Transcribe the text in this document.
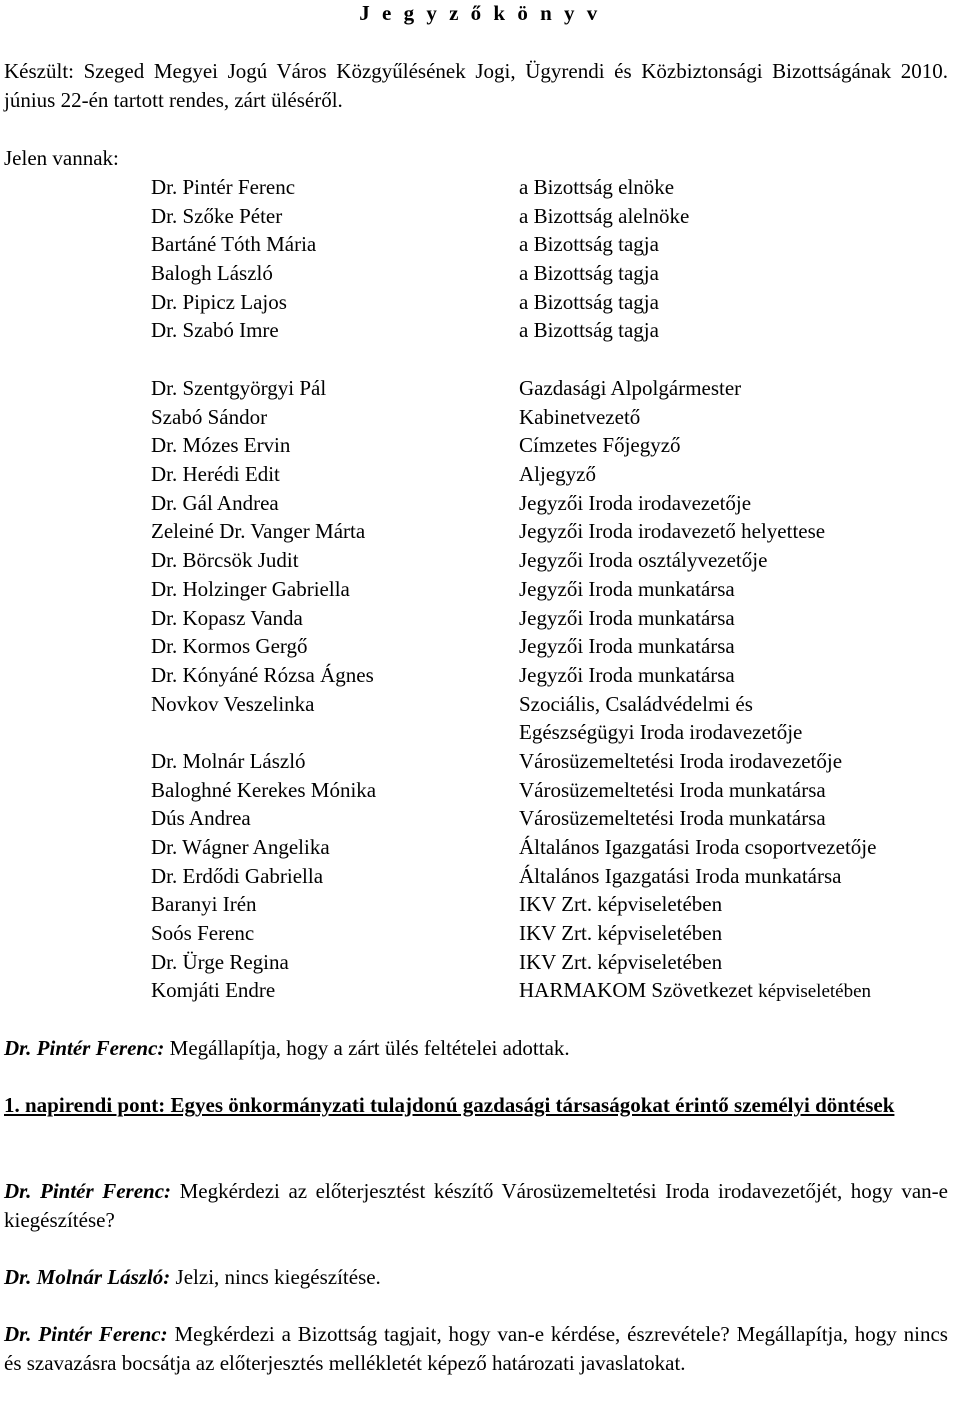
J e g y z ő k ö n y v
Készült: Szeged Megyei Jogú Város Közgyűlésének Jogi, Ügyrendi és Közbiztonsági Bizottságának 2010. június 22-én tartott rendes, zárt üléséről.
Jelen vannak:
Dr. Pintér Ferenc
Dr. Szőke Péter
Bartáné Tóth Mária
Balogh László
Dr. Pipicz Lajos
Dr. Szabó Imre
a Bizottság elnöke
a Bizottság alelnöke
a Bizottság tagja
a Bizottság tagja
a Bizottság tagja
a Bizottság tagja
Dr. Szentgyörgyi Pál
Szabó Sándor
Dr. Mózes Ervin
Dr. Herédi Edit
Dr. Gál Andrea
Zeleiné Dr. Vanger Márta
Dr. Börcsök Judit
Dr. Holzinger Gabriella
Dr. Kopasz Vanda
Dr. Kormos Gergő
Dr. Kónyáné Rózsa Ágnes
Novkov Veszelinka
Dr. Molnár László
Baloghné Kerekes Mónika
Dús Andrea
Dr. Wágner Angelika
Dr. Erdődi Gabriella
Baranyi Irén
Soós Ferenc
Dr. Ürge Regina
Komjáti Endre
Gazdasági Alpolgármester
Kabinetvezető
Címzetes Főjegyző
Aljegyző
Jegyzői Iroda irodavezetője
Jegyzői Iroda irodavezető helyettese
Jegyzői Iroda osztályvezetője
Jegyzői Iroda munkatársa
Jegyzői Iroda munkatársa
Jegyzői Iroda munkatársa
Jegyzői Iroda munkatársa
Szociális, Családvédelmi és
Egészségügyi Iroda irodavezetője
Városüzemeltetési Iroda irodavezetője
Városüzemeltetési Iroda munkatársa
Városüzemeltetési Iroda munkatársa
Általános Igazgatási Iroda csoportvezetője
Általános Igazgatási Iroda munkatársa
IKV Zrt. képviseletében
IKV Zrt. képviseletében
IKV Zrt. képviseletében
HARMAKOM Szövetkezet képviseletében
Dr. Pintér Ferenc: Megállapítja, hogy a zárt ülés feltételei adottak.
1. napirendi pont: Egyes önkormányzati tulajdonú gazdasági társaságokat érintő személyi döntések
Dr. Pintér Ferenc: Megkérdezi az előterjesztést készítő Városüzemeltetési Iroda irodavezetőjét, hogy van-e kiegészítése?
Dr. Molnár László: Jelzi, nincs kiegészítése.
Dr. Pintér Ferenc: Megkérdezi a Bizottság tagjait, hogy van-e kérdése, észrevétele? Megállapítja, hogy nincs és szavazásra bocsátja az előterjesztés mellékletét képező határozati javaslatokat.
